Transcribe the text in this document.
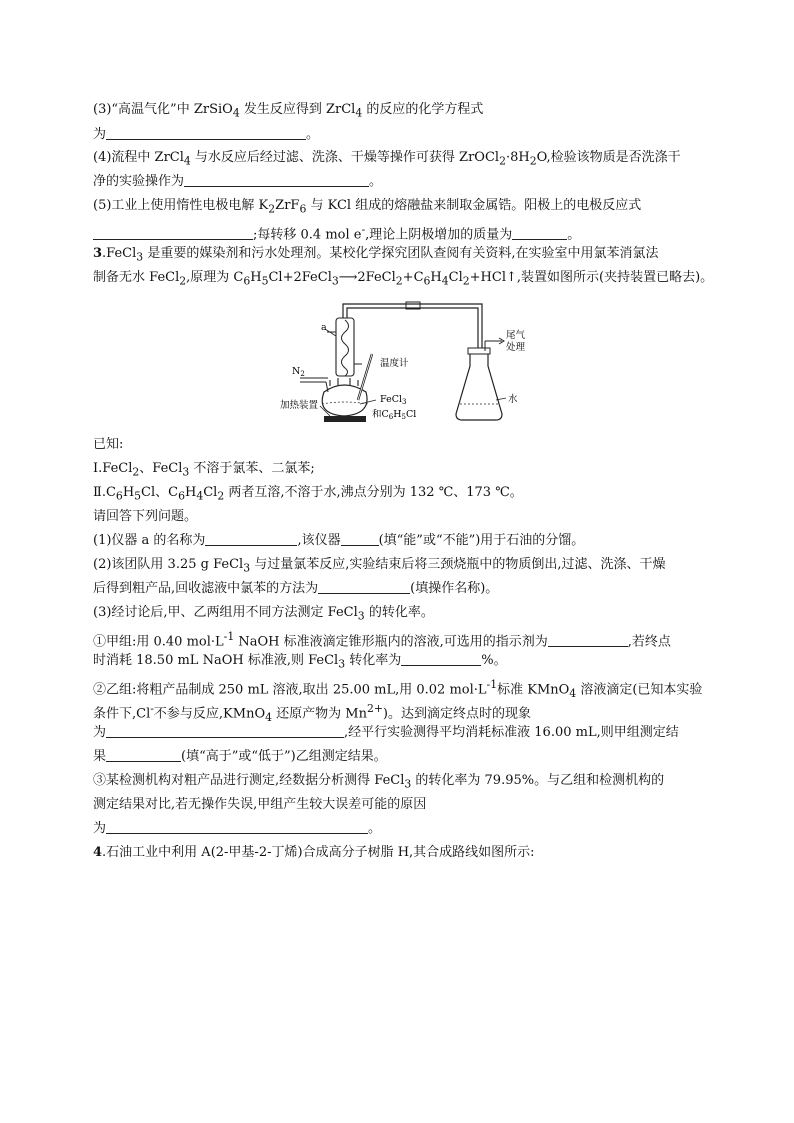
(3)“高温气化”中 ZrSiO$_4$ 发生反应得到 ZrCl$_4$ 的反应的化学方程式
为	。
(4)流程中 ZrCl$_4$ 与水反应后经过滤、洗涤、干燥等操作可获得 $ZrOCl_2\cdot 8H_2O$,检验该物质是否洗涤干
净的实验操作为	。
(5)工业上使用惰性电极电解 $K_2ZrF_6$ 与 KCl 组成的熔融盐来制取金属锆。阳极上的电极反应式
;每转移 0.4 mol e-,理论上阴极增加的质量为	。
3.FeCl$_3$ 是重要的媒染剂和污水处理剂。某校化学探究团队查阅有关资料,在实验室中用氯苯消氯法
制备无水 FeCl$_2$,原理为 $C_6H_5Cl+2FeCl_3⟶2FeCl_2+C_6H_4Cl_2+HCl↑$,装置如图所示(夹持装置已略去)。
a
$N_2$
温度计
加热装置
FeCl$_3$
和$C_6H_5Cl$
尾气
处理
水
已知:
Ⅰ.FeCl$_2$、FeCl$_3$ 不溶于氯苯、二氯苯;
$Ⅱ.C_6H_5Cl$、$C_6H_4Cl_2$ 两者互溶,不溶于水,沸点分别为 132 ℃、173 ℃。
请回答下列问题。
(1)仪器 a 的名称为	,该仪器	(填“能”或“不能”)用于石油的分馏。
(2)该团队用 3.25 g FeCl$_3$ 与过量氯苯反应,实验结束后将三颈烧瓶中的物质倒出,过滤、洗涤、干燥
后得到粗产品,回收滤液中氯苯的方法为	(填操作名称)。
(3)经讨论后,甲、乙两组用不同方法测定 FeCl$_3$ 的转化率。
①甲组:用 0.40 $mol\cdot L^{-1}$ NaOH 标准液滴定锥形瓶内的溶液,可选用的指示剂为	,若终点
时消耗 18.50 mL NaOH 标准液,则 FeCl$_3$ 转化率为	%。
②乙组:将粗产品制成 250 mL 溶液,取出 25.00 mL,用 0.02 $mol\cdot L^{-1}$标准 KMnO$_4$ 溶液滴定(已知本实验
条件下,Cl-不参与反应,KMnO$_4$ 还原产物为 $Mn^{2+}$)。达到滴定终点时的现象
为	,经平行实验测得平均消耗标准液 16.00 mL,则甲组测定结
果	(填“高于”或“低于”)乙组测定结果。
③某检测机构对粗产品进行测定,经数据分析测得 FeCl$_3$ 的转化率为 79.95%。与乙组和检测机构的
测定结果对比,若无操作失误,甲组产生较大误差可能的原因
为	。
4.石油工业中利用 A(2-甲基-2-丁烯)合成高分子树脂 H,其合成路线如图所示:
